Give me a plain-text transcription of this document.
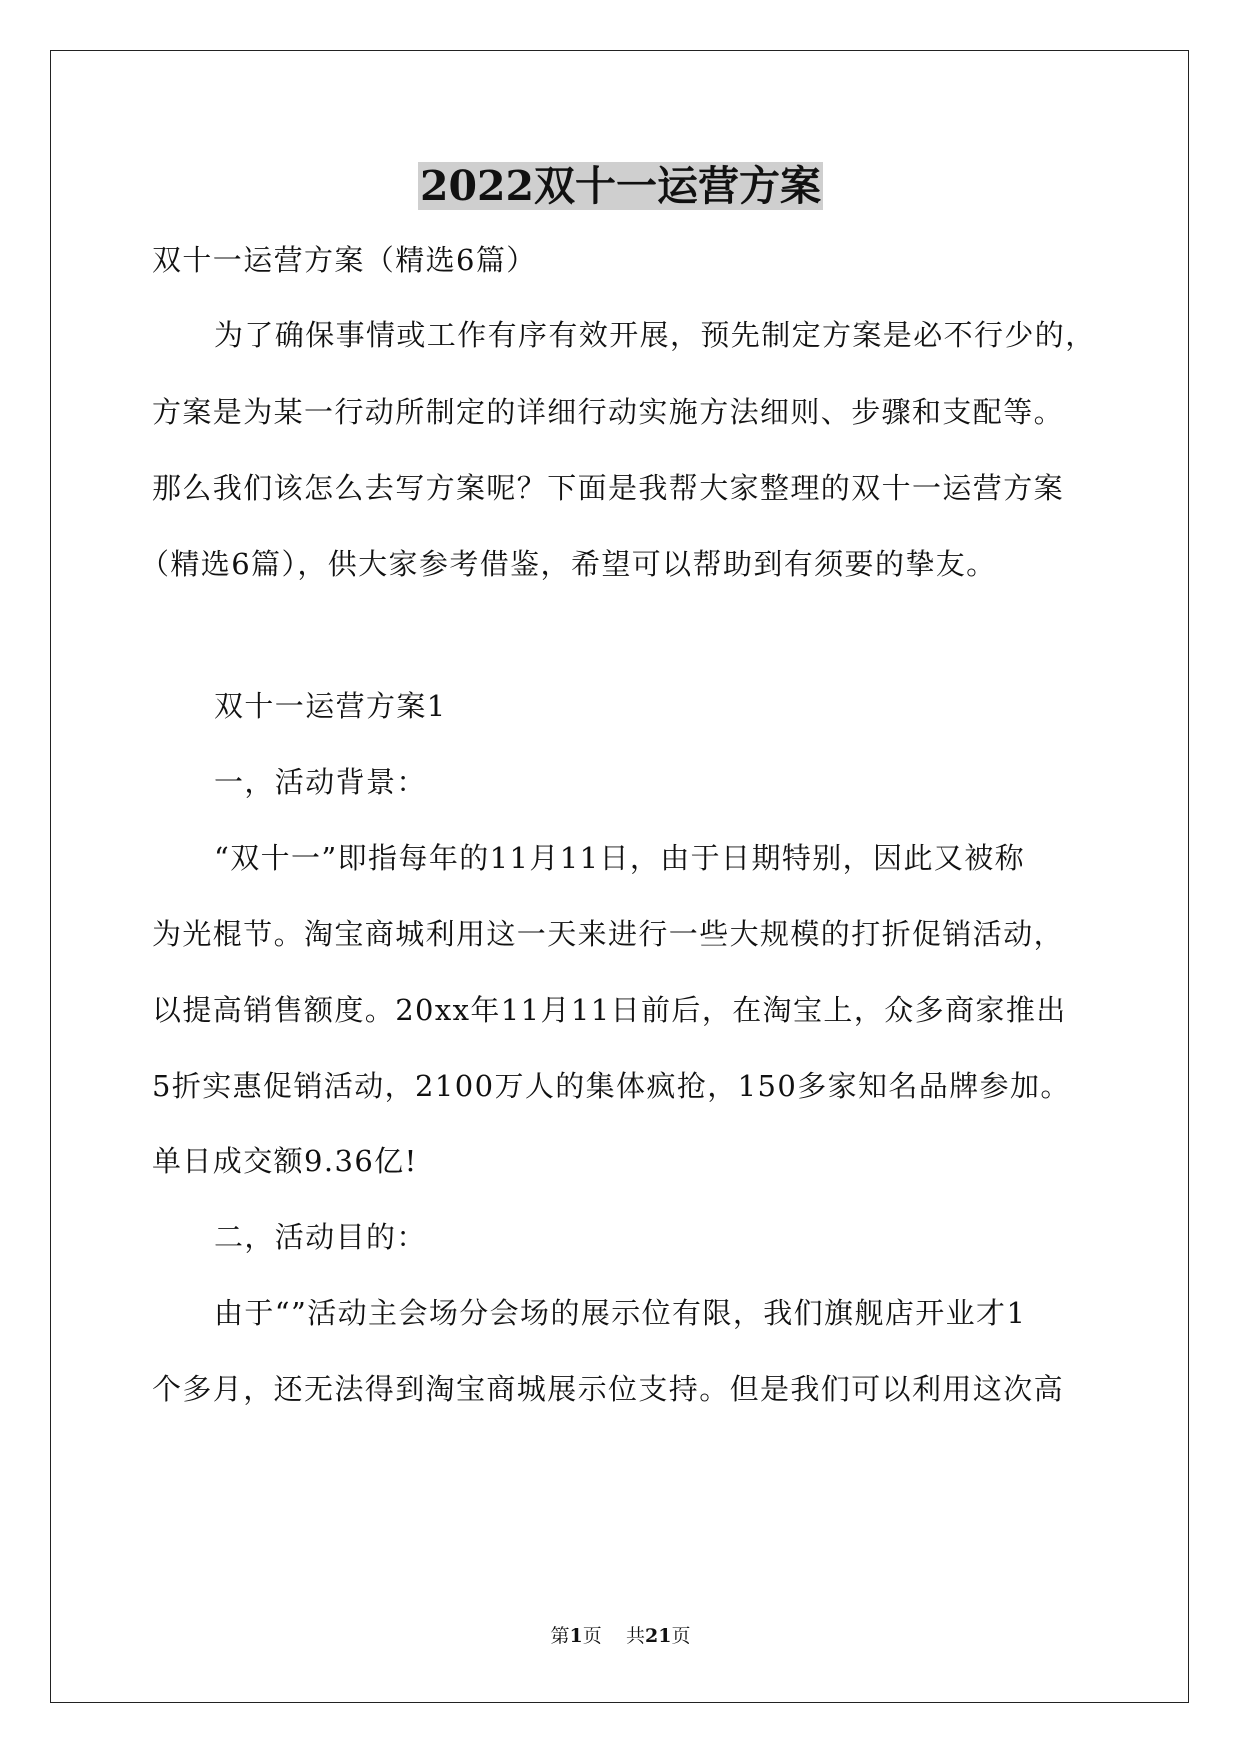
2022双十一运营方案
双十一运营方案（精选6篇）
为了确保事情或工作有序有效开展，预先制定方案是必不行少的，
方案是为某一行动所制定的详细行动实施方法细则、步骤和支配等。
那么我们该怎么去写方案呢？下面是我帮大家整理的双十一运营方案
（精选6篇），供大家参考借鉴，希望可以帮助到有须要的挚友。
双十一运营方案1
一，活动背景：
“双十一”即指每年的11月11日，由于日期特别，因此又被称
为光棍节。淘宝商城利用这一天来进行一些大规模的打折促销活动，
以提高销售额度。20xx年11月11日前后，在淘宝上，众多商家推出
5折实惠促销活动，2100万人的集体疯抢，150多家知名品牌参加。
单日成交额9.36亿!
二，活动目的：
由于“”活动主会场分会场的展示位有限，我们旗舰店开业才1
个多月，还无法得到淘宝商城展示位支持。但是我们可以利用这次高
第1页 共21页
